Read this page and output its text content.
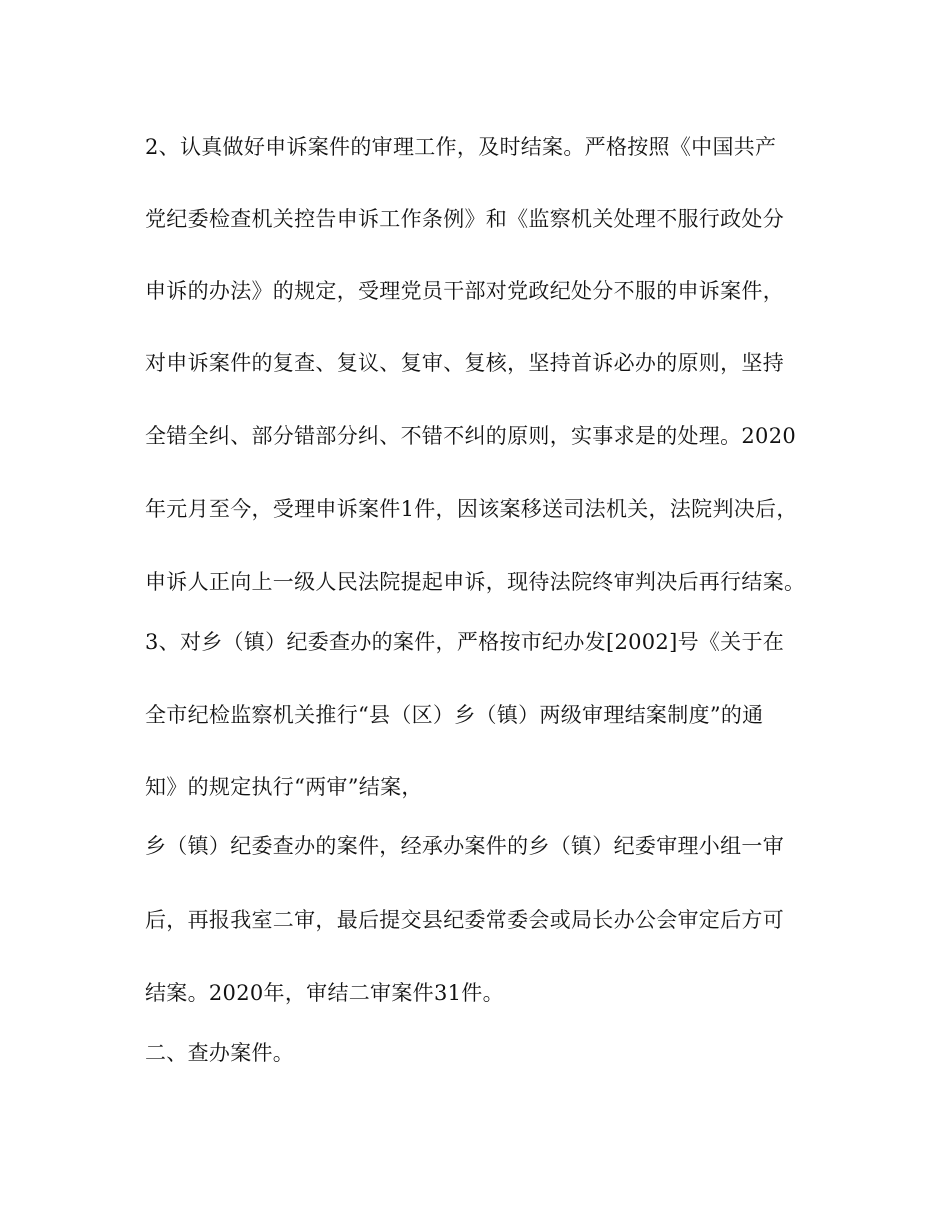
2、认真做好申诉案件的审理工作，及时结案。严格按照《中国共产
党纪委检查机关控告申诉工作条例》和《监察机关处理不服行政处分
申诉的办法》的规定，受理党员干部对党政纪处分不服的申诉案件，
对申诉案件的复查、复议、复审、复核，坚持首诉必办的原则，坚持
全错全纠、部分错部分纠、不错不纠的原则，实事求是的处理。2020
年元月至今，受理申诉案件1件，因该案移送司法机关，法院判决后，
申诉人正向上一级人民法院提起申诉，现待法院终审判决后再行结案。
3、对乡（镇）纪委查办的案件，严格按市纪办发[2002]号《关于在
全市纪检监察机关推行“县（区）乡（镇）两级审理结案制度”的通
知》的规定执行“两审”结案，
乡（镇）纪委查办的案件，经承办案件的乡（镇）纪委审理小组一审
后，再报我室二审，最后提交县纪委常委会或局长办公会审定后方可
结案。2020年，审结二审案件31件。
二、查办案件。
